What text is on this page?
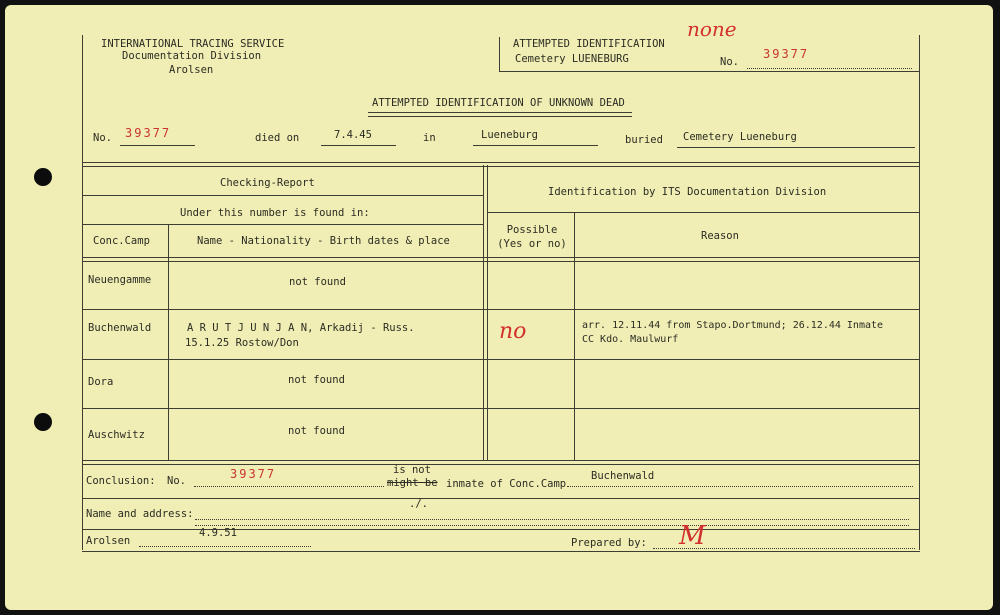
INTERNATIONAL TRACING SERVICE
Documentation Division
Arolsen
ATTEMPTED IDENTIFICATION
Cemetery LUENEBURG
none
No.
39377
ATTEMPTED IDENTIFICATION OF UNKNOWN DEAD
No. 39377	died on	7.4.45	in	Lueneburg	buried Cemetery Lueneburg
Checking-Report
Under this number is found in:
Identification by ITS Documentation Division
Conc.Camp	Name - Nationality - Birth dates & place
Possible
(Yes or no)
Reason
Neuengamme	not found
Buchenwald	A R U T J U N J A N, Arkadij - Russ.
15.1.25 Rostow/Don	no	arr. 12.11.44 from Stapo.Dortmund; 26.12.44 Inmate
CC Kdo. Maulwurf
Dora	not found
Auschwitz	not found
Conclusion: No.	39377	is not
might be inmate of Conc.Camp
Buchenwald
Name and address:
./.
Arolsen
4.9.51
Prepared by: M
